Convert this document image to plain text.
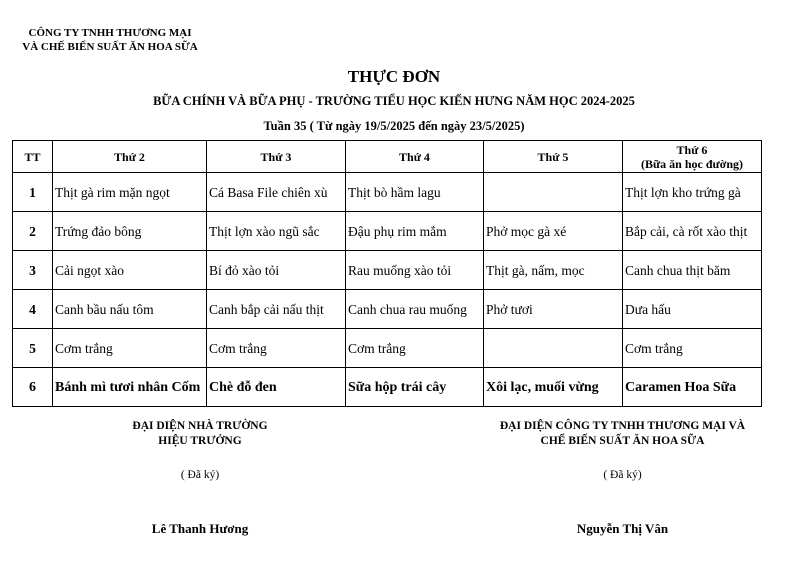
CÔNG TY TNHH THƯƠNG MẠI
VÀ CHẾ BIẾN SUẤT ĂN HOA SỮA
THỰC ĐƠN
BỮA CHÍNH VÀ BỮA PHỤ - TRƯỜNG TIỂU HỌC KIẾN HƯNG NĂM HỌC 2024-2025
Tuần 35 ( Từ ngày 19/5/2025 đến ngày 23/5/2025)
TT	Thứ 2	Thứ 3	Thứ 4	Thứ 5	Thứ 6
(Bữa ăn học đường)

1	Thịt gà rim mặn ngọt	Cá Basa File chiên xù	Thịt bò hầm lagu		Thịt lợn kho trứng gà
2	Trứng đảo bông	Thịt lợn xào ngũ sắc	Đậu phụ rim mắm	Phở mọc gà xé	Bắp cải, cà rốt xào thịt
3	Cải ngọt xào	Bí đỏ xào tỏi	Rau muống xào tỏi	Thịt gà, nấm, mọc	Canh chua thịt băm
4	Canh bầu nấu tôm	Canh bắp cải nấu thịt	Canh chua rau muống	Phở tươi	Dưa hấu
5	Cơm trắng	Cơm trắng	Cơm trắng		Cơm trắng
6	Bánh mì tươi nhân Cốm	Chè đỗ đen	Sữa hộp trái cây	Xôi lạc, muối vừng	Caramen Hoa Sữa
ĐẠI DIỆN NHÀ TRƯỜNG
HIỆU TRƯỞNG
( Đã ký)
Lê Thanh Hương
ĐẠI DIỆN CÔNG TY TNHH THƯƠNG MẠI VÀ
CHẾ BIẾN SUẤT ĂN HOA SỮA
( Đã ký)
Nguyễn Thị Vân
